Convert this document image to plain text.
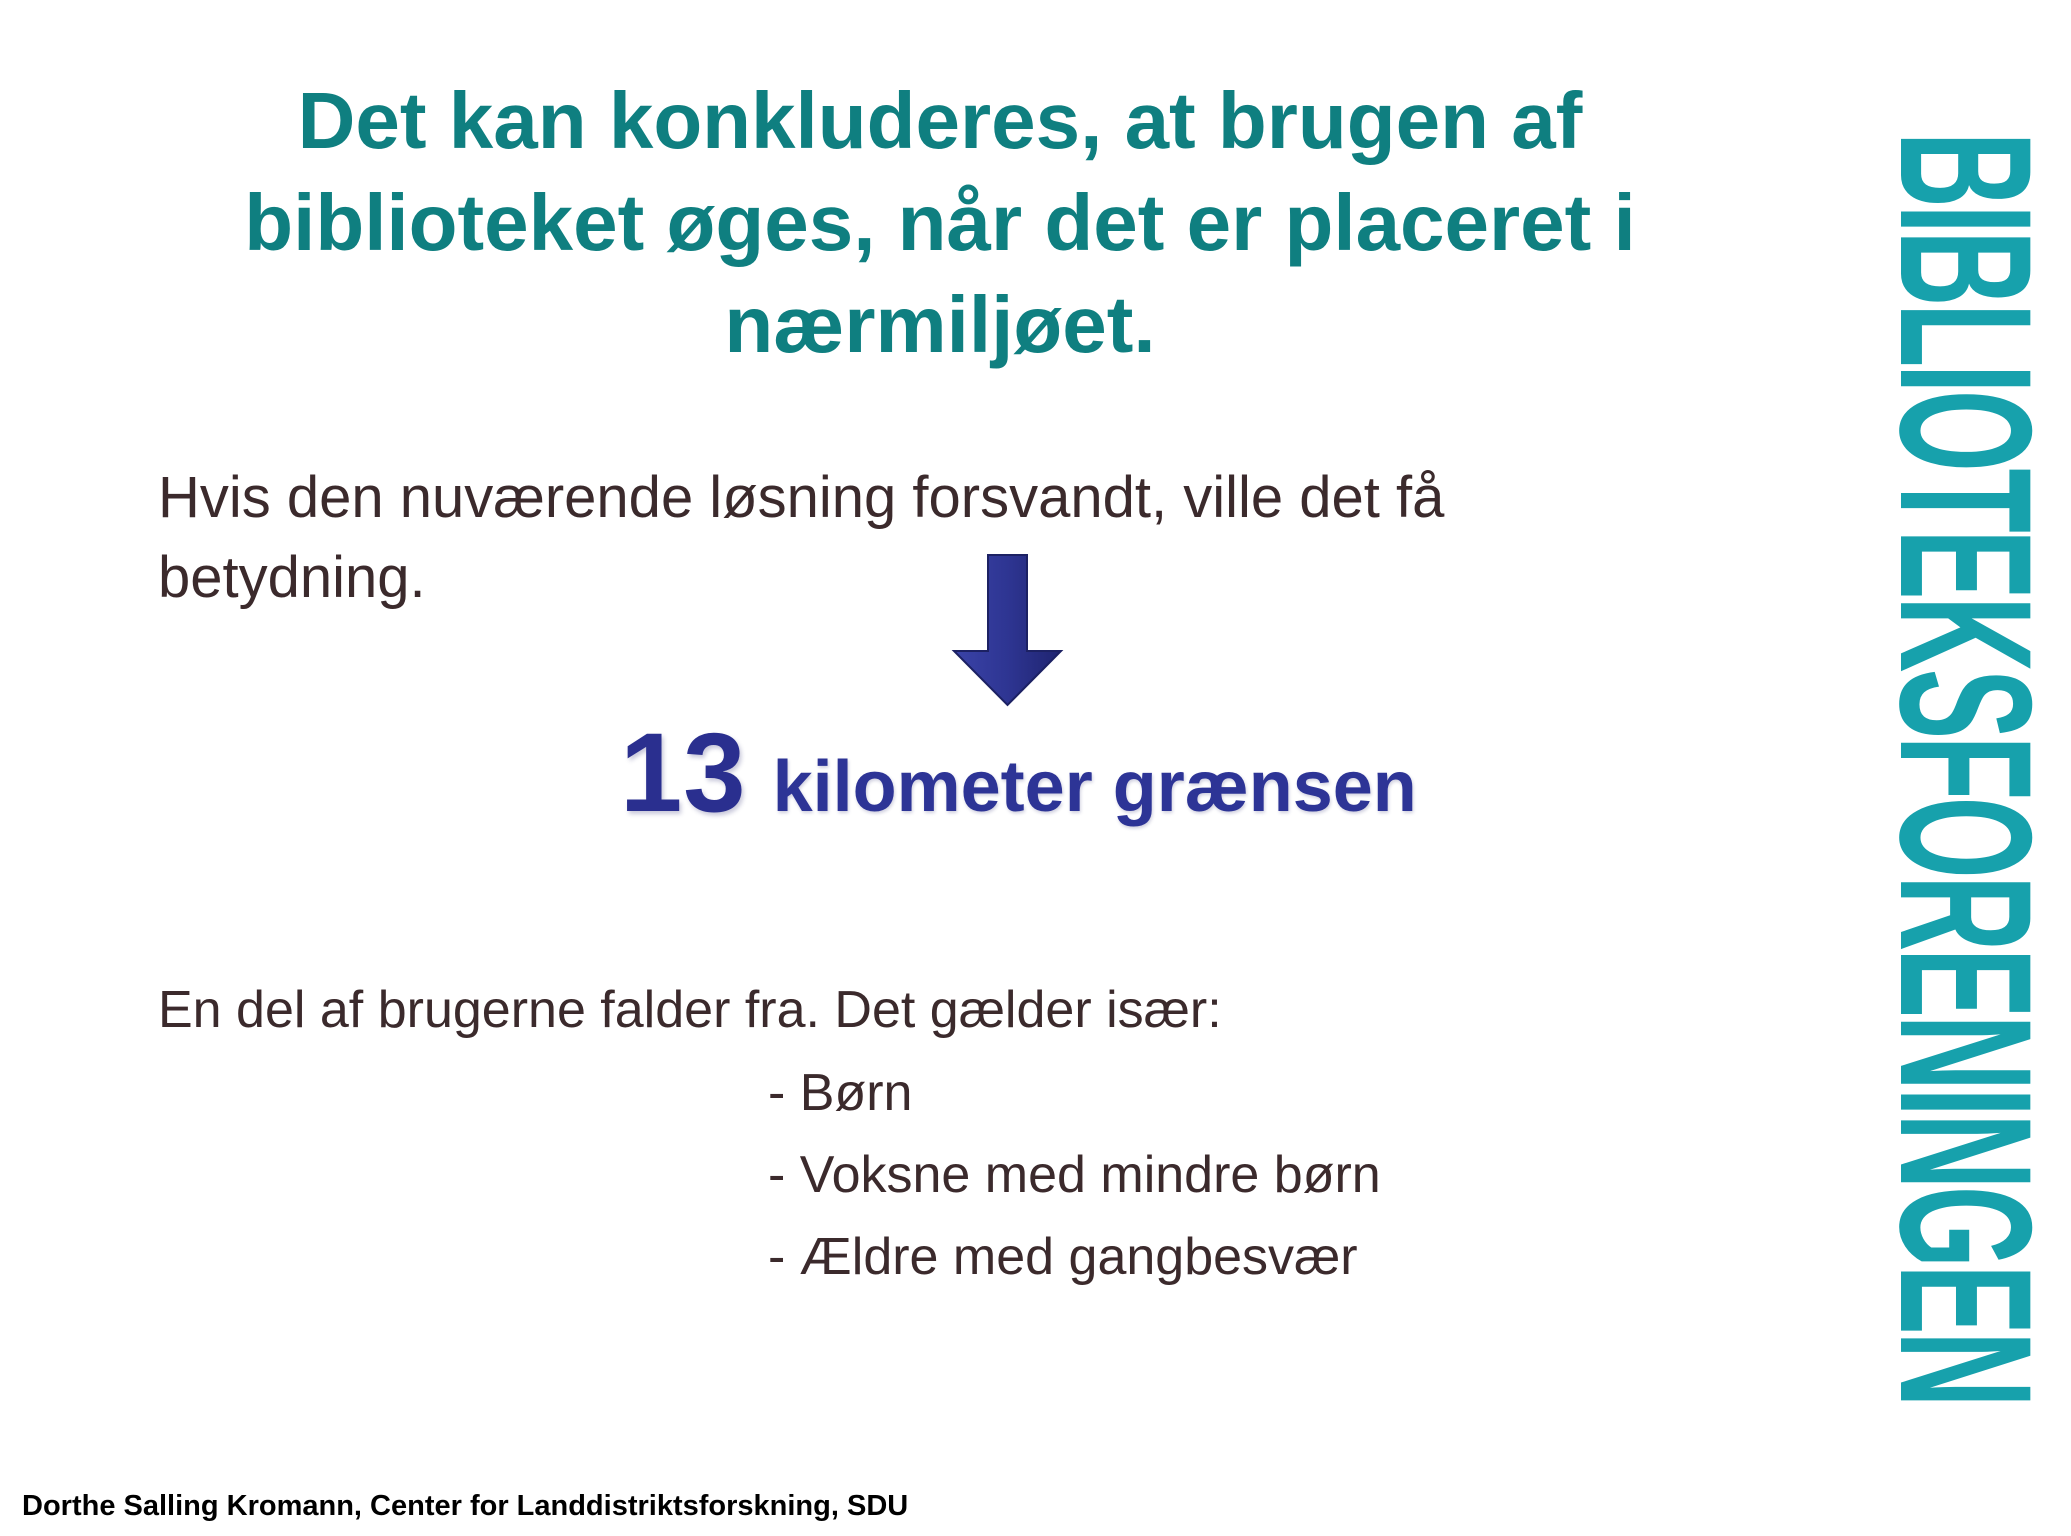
Det kan konkluderes, at brugen af
biblioteket øges, når det er placeret i
nærmiljøet.

Hvis den nuværende løsning forsvandt, ville det få
betydning.

13 kilometer grænsen

En del af brugerne falder fra. Det gælder især:

- Børn
- Voksne med mindre børn
- Ældre med gangbesvær	BIBLIOTEKSFORENINGEN
Dorthe Salling Kromann, Center for Landdistriktsforskning, SDU
